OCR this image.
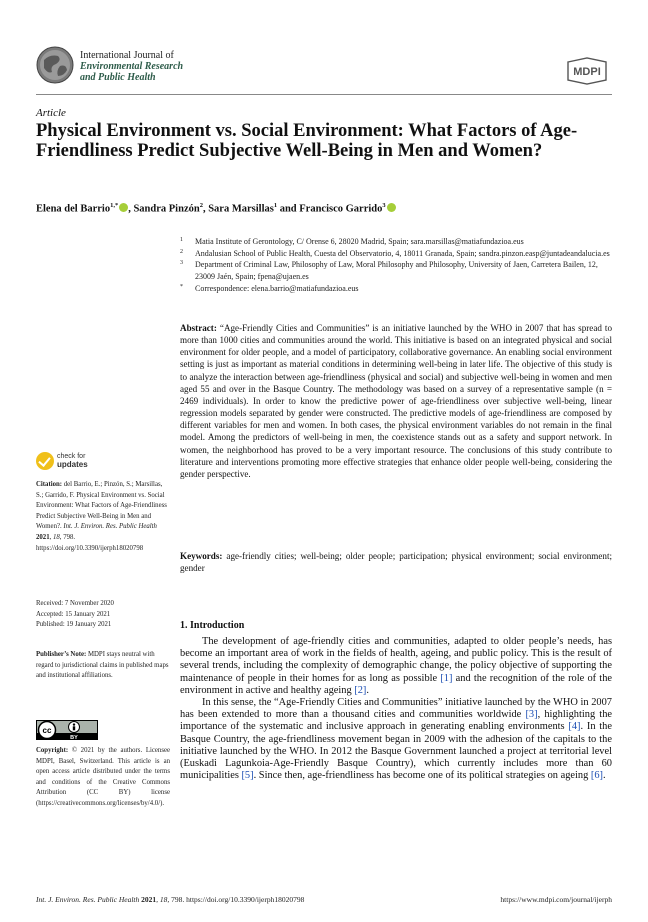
International Journal of
Environmental Research
and Public Health	MDPI
Article
Physical Environment vs. Social Environment: What Factors of Age-Friendliness Predict Subjective Well-Being in Men and Women?
Elena del Barrio$^{1,*}$ , Sandra Pinzón$^2$, Sara Marsillas$^1$ and Francisco Garrido$^3$
1 Matia Institute of Gerontology, C/ Orense 6, 28020 Madrid, Spain; sara.marsillas@matiafundazioa.eus
2 Andalusian School of Public Health, Cuesta del Observatorio, 4, 18011 Granada, Spain; sandra.pinzon.easp@juntadeandalucia.es
3 Department of Criminal Law, Philosophy of Law, Moral Philosophy and Philosophy, University of Jaen, Carretera Bailen, 12, 23009 Jaén, Spain; fpena@ujaen.es
* Correspondence: elena.barrio@matiafundazioa.eus
Abstract: “Age-Friendly Cities and Communities” is an initiative launched by the WHO in 2007 that has spread to more than 1000 cities and communities around the world. This initiative is based on an integrated physical and social environment for older people, and a model of participatory, collaborative governance. An enabling social environment setting is just as important as material conditions in determining well-being in later life. The objective of this study is to analyze the interaction between age-friendliness (physical and social) and subjective well-being in women and men aged 55 and over in the Basque Country. The methodology was based on a survey of a representative sample (n = 2469 individuals). In order to know the predictive power of age-friendliness over subjective well-being, linear regression models separated by gender were constructed. The predictive models of age-friendliness are composed by different variables for men and women. In both cases, the physical environment variables do not remain in the final model. Among the predictors of well-being in men, the coexistence stands out as a safety and support network. In women, the neighborhood has proved to be a very important resource. The conclusions of this study contribute to literature and interventions promoting more effective strategies that enhance older people well-being, considering the gender perspective.
Keywords: age-friendly cities; well-being; older people; participation; physical environment; social environment; gender
check for
updates
Citation: del Barrio, E.; Pinzón, S.; Marsillas, S.; Garrido, F. Physical Environment vs. Social Environment: What Factors of Age-Friendliness Predict Subjective Well-Being in Men and Women?. Int. J. Environ. Res. Public Health 2021, 18, 798. https://doi.org/10.3390/ijerph18020798
Received: 7 November 2020
Accepted: 15 January 2021
Published: 19 January 2021
Publisher’s Note: MDPI stays neutral with regard to jurisdictional claims in published maps and institutional affiliations.
cc
BY
Copyright: © 2021 by the authors. Licensee MDPI, Basel, Switzerland. This article is an open access article distributed under the terms and conditions of the Creative Commons Attribution (CC BY) license (https://creativecommons.org/licenses/by/4.0/).
1. Introduction

The development of age-friendly cities and communities, adapted to older people’s needs, has become an important area of work in the fields of health, ageing, and public policy. This is the result of several trends, including the complexity of demographic change, the policy objective of supporting the maintenance of people in their homes for as long as possible [1] and the recognition of the role of the environment in active and healthy ageing [2].

In this sense, the “Age-Friendly Cities and Communities” initiative launched by the WHO in 2007 has been extended to more than a thousand cities and communities worldwide [3], highlighting the importance of the systematic and inclusive approach in generating enabling environments [4]. In the Basque Country, the age-friendliness movement began in 2009 with the adhesion of the capitals to the initiative launched by the WHO. In 2012 the Basque Government launched a project at territorial level (Euskadi Lagunkoia-Age-Friendly Basque Country), which currently includes more than 60 municipalities [5]. Since then, age-friendliness has become one of its political strategies on ageing [6].

Int. J. Environ. Res. Public Health 2021, 18, 798. https://doi.org/10.3390/ijerph18020798	https://www.mdpi.com/journal/ijerph
